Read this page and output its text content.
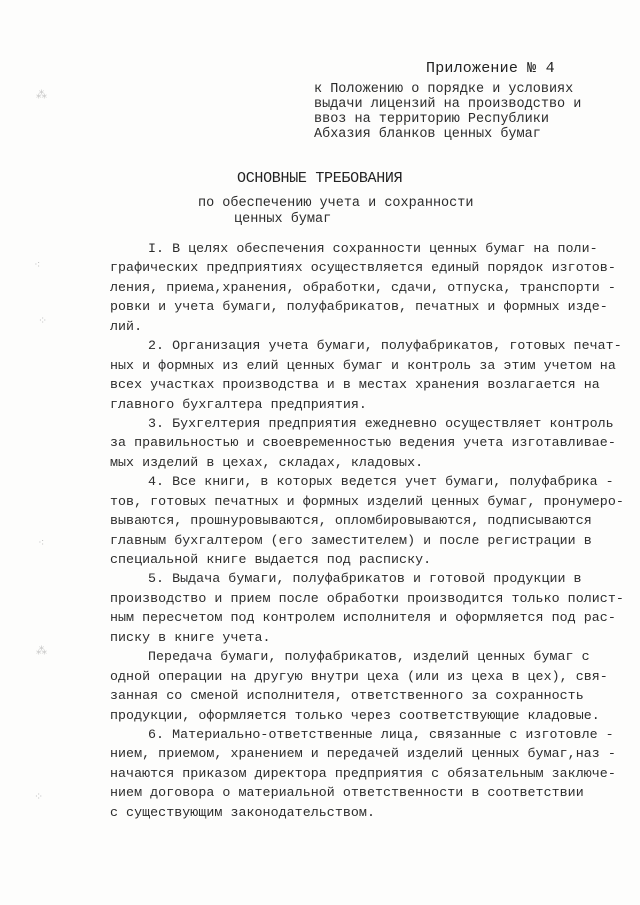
Приложение № 4
к Положению о порядке и условиях
выдачи лицензий на производство и
ввоз на территорию Республики
Абхазия бланков ценных бумаг
ОСНОВНЫЕ ТРЕБОВАНИЯ
по обеспечению учета и сохранности
ценных бумаг
I. В целях обеспечения сохранности ценных бумаг на поли-
графических предприятиях осуществляется единый порядок изготов-
ления, приема,хранения, обработки, сдачи, отпуска, транспорти -
ровки и учета бумаги, полуфабрикатов, печатных и формных изде-
лий.
2. Организация учета бумаги, полуфабрикатов, готовых печат-
ных и формных из елий ценных бумаг и контроль за этим учетом на
всех участках производства и в местах хранения возлагается на
главного бухгалтера предприятия.
3. Бухгелтерия предприятия ежедневно осуществляет контроль
за правильностью и своевременностью ведения учета изготавливае-
мых изделий в цехах, складах, кладовых.
4. Все книги, в которых ведется учет бумаги, полуфабрика -
тов, готовых печатных и формных изделий ценных бумаг, пронумеро-
вываются, прошнуровываются, опломбировываются, подписываются
главным бухгалтером (его заместителем) и после регистрации в
специальной книге выдается под расписку.
5. Выдача бумаги, полуфабрикатов и готовой продукции в
производство и прием после обработки производится только полист-
ным пересчетом под контролем исполнителя и оформляется под рас-
писку в книге учета.
Передача бумаги, полуфабрикатов, изделий ценных бумаг с
одной операции на другую внутри цеха (или из цеха в цех), свя-
занная со сменой исполнителя, ответственного за сохранность
продукции, оформляется только через соответствующие кладовые.
6. Материально-ответственные лица, связанные с изготовле -
нием, приемом, хранением и передачей изделий ценных бумаг,наз -
начаются приказом директора предприятия с обязательным заключе-
нием договора о материальной ответственности в соответствии
с существующим законодательством.
⁂
⁖
⁘
⁖
⁂
⁘
